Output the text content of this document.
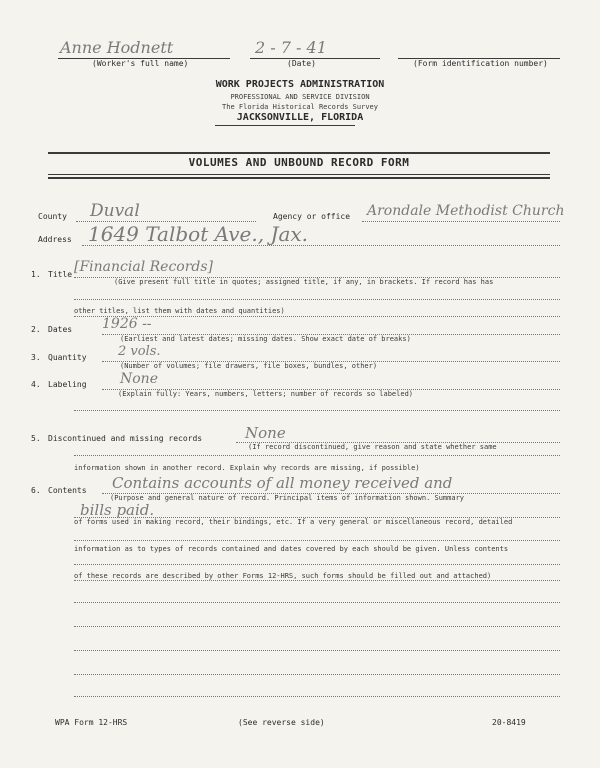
Anne Hodnett	2 - 7 - 41
(Worker's full name)	(Date)	(Form identification number)
WORK PROJECTS ADMINISTRATION
PROFESSIONAL AND SERVICE DIVISION
The Florida Historical Records Survey
JACKSONVILLE, FLORIDA
VOLUMES AND UNBOUND RECORD FORM
County Duval	Agency or office Arondale Methodist Church
Address 1649 Talbot Ave., Jax.
1. Title [Financial Records]
(Give present full title in quotes; assigned title, if any, in brackets. If record has has
other titles, list them with dates and quantities)
2. Dates 1926 --
(Earliest and latest dates; missing dates. Show exact date of breaks)
3. Quantity 2 vols.
(Number of volumes; file drawers, file boxes, bundles, other)
4. Labeling None
(Explain fully: Years, numbers, letters; number of records so labeled)
5. Discontinued and missing records	None
(If record discontinued, give reason and state whether same
information shown in another record. Explain why records are missing, if possible)
6. Contents Contains accounts of all money received and
(Purpose and general nature of record. Principal items of information shown. Summary
bills paid.
of forms used in making record, their bindings, etc. If a very general or miscellaneous record, detailed
information as to types of records contained and dates covered by each should be given. Unless contents
of these records are described by other Forms 12-HRS, such forms should be filled out and attached)
WPA Form 12-HRS	(See reverse side)	20-8419
